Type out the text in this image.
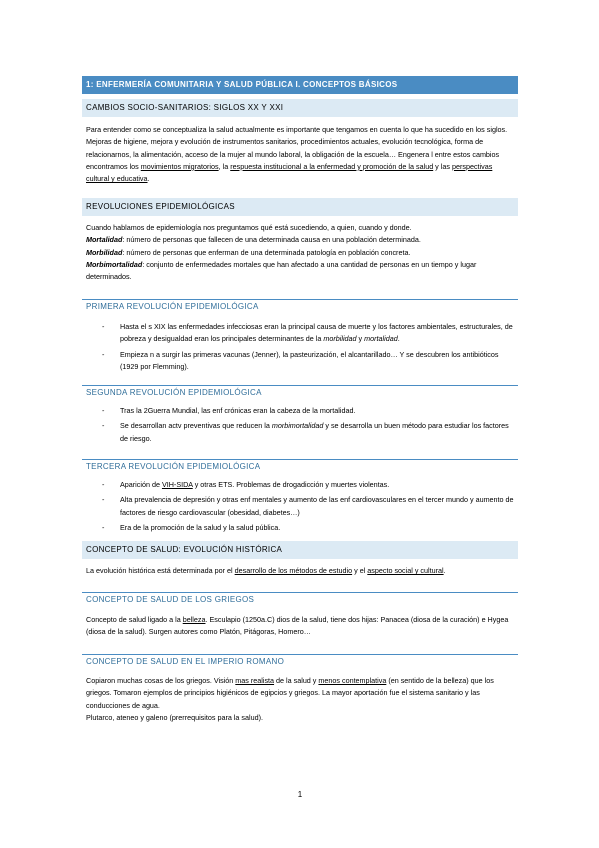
1: ENFERMERÍA COMUNITARIA Y SALUD PÚBLICA I. CONCEPTOS BÁSICOS
CAMBIOS SOCIO-SANITARIOS: SIGLOS XX Y XXI

Para entender como se conceptualiza la salud actualmente es importante que tengamos en cuenta lo que ha sucedido en los siglos. Mejoras de higiene, mejora y evolución de instrumentos sanitarios, procedimientos actuales, evolución tecnológica, forma de relacionarnos, la alimentación, acceso de la mujer al mundo laboral, la obligación de la escuela… Engenera l entre estos cambios encontramos los movimientos migratorios, la respuesta institucional a la enfermedad y promoción de la salud y las perspectivas cultural y educativa.

REVOLUCIONES EPIDEMIOLÓGICAS

Cuando hablamos de epidemiología nos preguntamos qué está sucediendo, a quien, cuando y donde.

Mortalidad: número de personas que fallecen de una determinada causa en una población determinada.

Morbilidad: número de personas que enferman de una determinada patología en población concreta.

Morbimortalidad: conjunto de enfermedades mortales que han afectado a una cantidad de personas en un tiempo y lugar determinados.

PRIMERA REVOLUCIÓN EPIDEMIOLÓGICA
- Hasta el s XIX las enfermedades infecciosas eran la principal causa de muerte y los factores ambientales, estructurales, de pobreza y desigualdad eran los principales determinantes de la morbilidad y mortalidad.
- Empieza n a surgir las primeras vacunas (Jenner), la pasteurización, el alcantarillado… Y se descubren los antibióticos (1929 por Flemming).
SEGUNDA REVOLUCIÓN EPIDEMIOLÓGICA
- Tras la 2Guerra Mundial, las enf crónicas eran la cabeza de la mortalidad.
- Se desarrollan actv preventivas que reducen la morbimortalidad y se desarrolla un buen método para estudiar los factores de riesgo.
TERCERA REVOLUCIÓN EPIDEMIOLÓGICA
- Aparición de VIH-SIDA y otras ETS. Problemas de drogadicción y muertes violentas.
- Alta prevalencia de depresión y otras enf mentales y aumento de las enf cardiovasculares en el tercer mundo y aumento de factores de riesgo cardiovascular (obesidad, diabetes…)
- Era de la promoción de la salud y la salud pública.
CONCEPTO DE SALUD: EVOLUCIÓN HISTÓRICA

La evolución histórica está determinada por el desarrollo de los métodos de estudio y el aspecto social y cultural.

CONCEPTO DE SALUD DE LOS GRIEGOS

Concepto de salud ligado a la belleza. Esculapio (1250a.C) dios de la salud, tiene dos hijas: Panacea (diosa de la curación) e Hygea (diosa de la salud). Surgen autores como Platón, Pitágoras, Homero…

CONCEPTO DE SALUD EN EL IMPERIO ROMANO

Copiaron muchas cosas de los griegos. Visión mas realista de la salud y menos contemplativa (en sentido de la belleza) que los griegos. Tomaron ejemplos de principios higiénicos de egipcios y griegos. La mayor aportación fue el sistema sanitario y las conducciones de agua.

Plutarco, ateneo y galeno (prerrequisitos para la salud).

1
